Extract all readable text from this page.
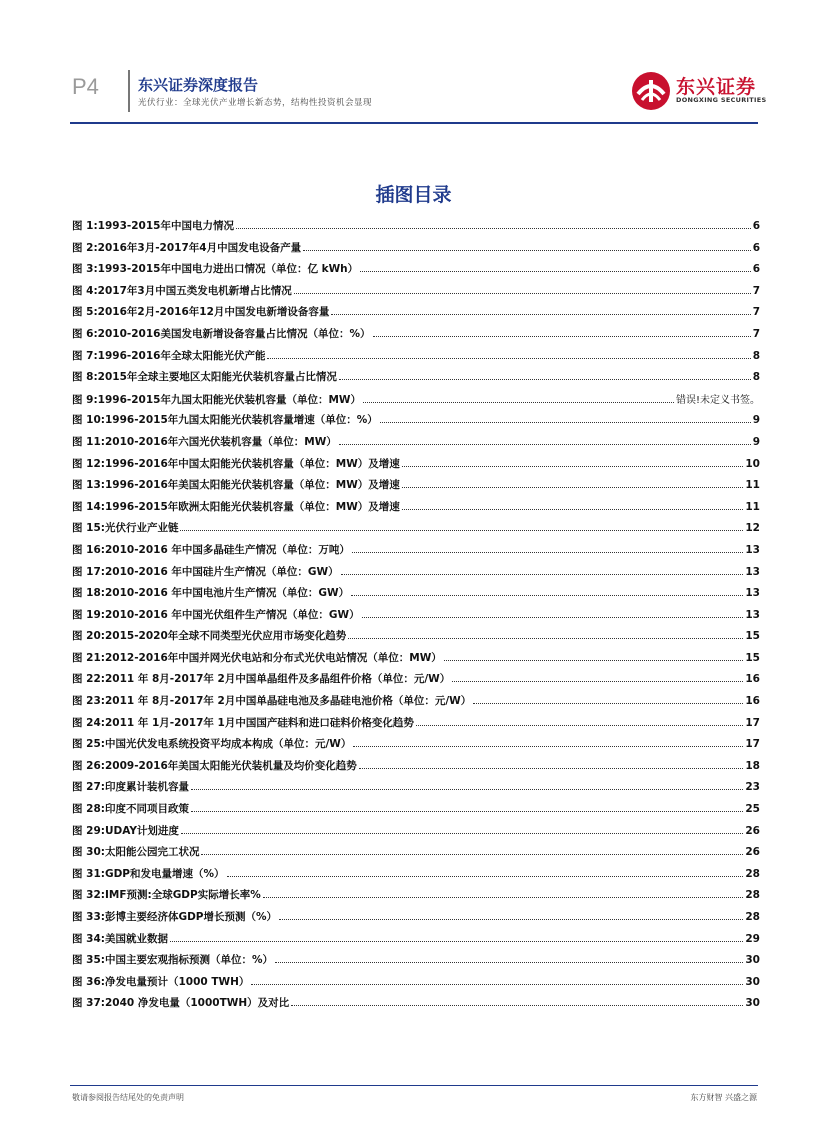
P4	东兴证券深度报告
光伏行业：全球光伏产业增长新态势，结构性投资机会显现
东兴证券
DONGXING SECURITIES
插图目录
图 1:1993-2015年中国电力情况	6
图 2:2016年3月-2017年4月中国发电设备产量	6
图 3:1993-2015年中国电力进出口情况（单位：亿 kWh）	6
图 4:2017年3月中国五类发电机新增占比情况	7
图 5:2016年2月-2016年12月中国发电新增设备容量	7
图 6:2010-2016美国发电新增设备容量占比情况（单位：%）	7
图 7:1996-2016年全球太阳能光伏产能	8
图 8:2015年全球主要地区太阳能光伏装机容量占比情况	8
图 9:1996-2015年九国太阳能光伏装机容量（单位：MW）	错误!未定义书签。
图 10:1996-2015年九国太阳能光伏装机容量增速（单位：%）	9
图 11:2010-2016年六国光伏装机容量（单位：MW）	9
图 12:1996-2016年中国太阳能光伏装机容量（单位：MW）及增速	10
图 13:1996-2016年美国太阳能光伏装机容量（单位：MW）及增速	11
图 14:1996-2015年欧洲太阳能光伏装机容量（单位：MW）及增速	11
图 15:光伏行业产业链	12
图 16:2010-2016 年中国多晶硅生产情况（单位：万吨）	13
图 17:2010-2016 年中国硅片生产情况（单位：GW）	13
图 18:2010-2016 年中国电池片生产情况（单位：GW）	13
图 19:2010-2016 年中国光伏组件生产情况（单位：GW）	13
图 20:2015-2020年全球不同类型光伏应用市场变化趋势	15
图 21:2012-2016年中国并网光伏电站和分布式光伏电站情况（单位：MW）	15
图 22:2011 年 8月-2017年 2月中国单晶组件及多晶组件价格（单位：元/W）	16
图 23:2011 年 8月-2017年 2月中国单晶硅电池及多晶硅电池价格（单位：元/W）	16
图 24:2011 年 1月-2017年 1月中国国产硅料和进口硅料价格变化趋势	17
图 25:中国光伏发电系统投资平均成本构成（单位：元/W）	17
图 26:2009-2016年美国太阳能光伏装机量及均价变化趋势	18
图 27:印度累计装机容量	23
图 28:印度不同项目政策	25
图 29:UDAY计划进度	26
图 30:太阳能公园完工状况	26
图 31:GDP和发电量增速（%）	28
图 32:IMF预测:全球GDP实际增长率%	28
图 33:彭博主要经济体GDP增长预测（%）	28
图 34:美国就业数据	29
图 35:中国主要宏观指标预测（单位：%）	30
图 36:净发电量预计（1000 TWH）	30
图 37:2040 净发电量（1000TWH）及对比	30
敬请参阅报告结尾处的免责声明	东方财智 兴盛之源
